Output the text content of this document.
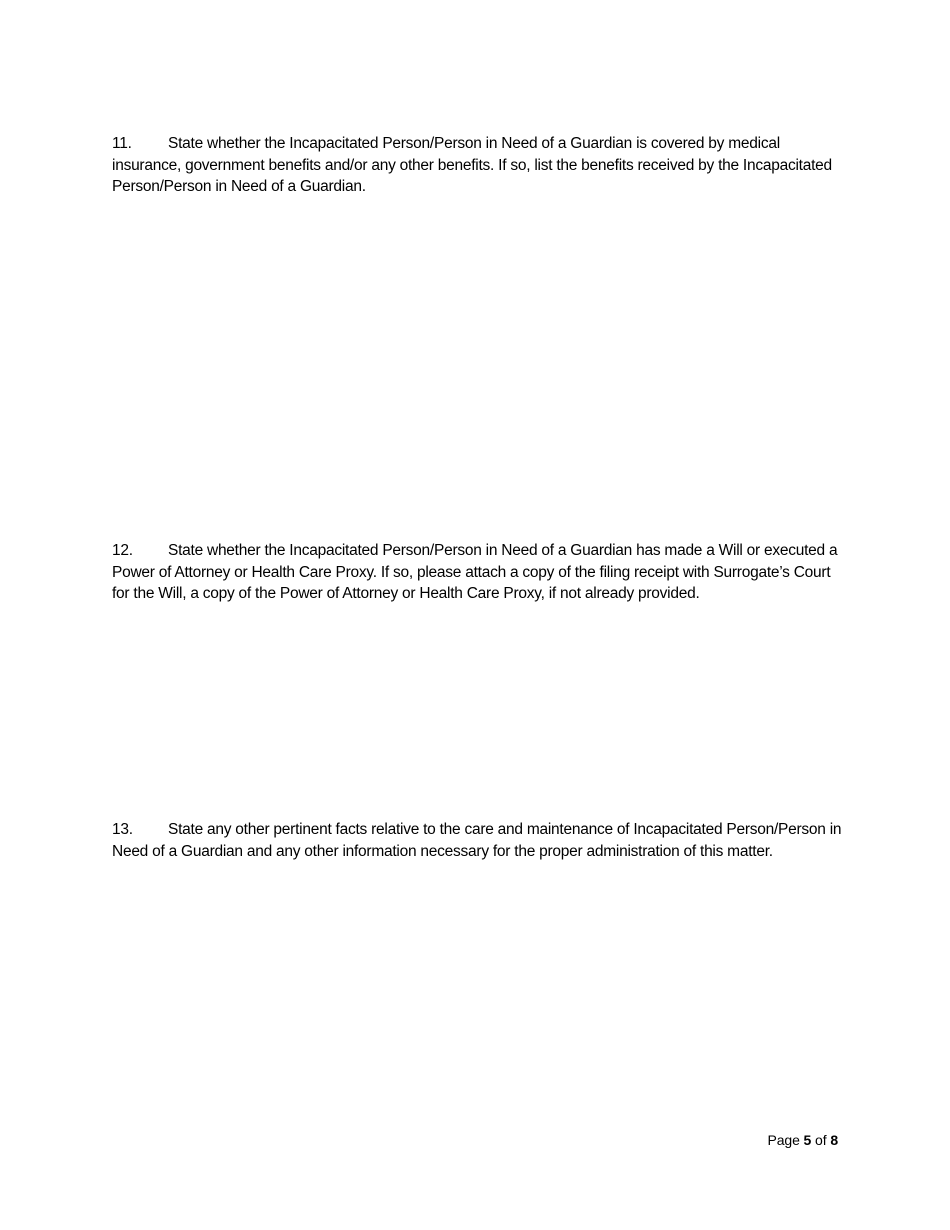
11. State whether the Incapacitated Person/Person in Need of a Guardian is covered by medical insurance, government benefits and/or any other benefits. If so, list the benefits received by the Incapacitated Person/Person in Need of a Guardian.
12. State whether the Incapacitated Person/Person in Need of a Guardian has made a Will or executed a Power of Attorney or Health Care Proxy. If so, please attach a copy of the filing receipt with Surrogate’s Court for the Will, a copy of the Power of Attorney or Health Care Proxy, if not already provided.
13. State any other pertinent facts relative to the care and maintenance of Incapacitated Person/Person in Need of a Guardian and any other information necessary for the proper administration of this matter.
Page 5 of 8
